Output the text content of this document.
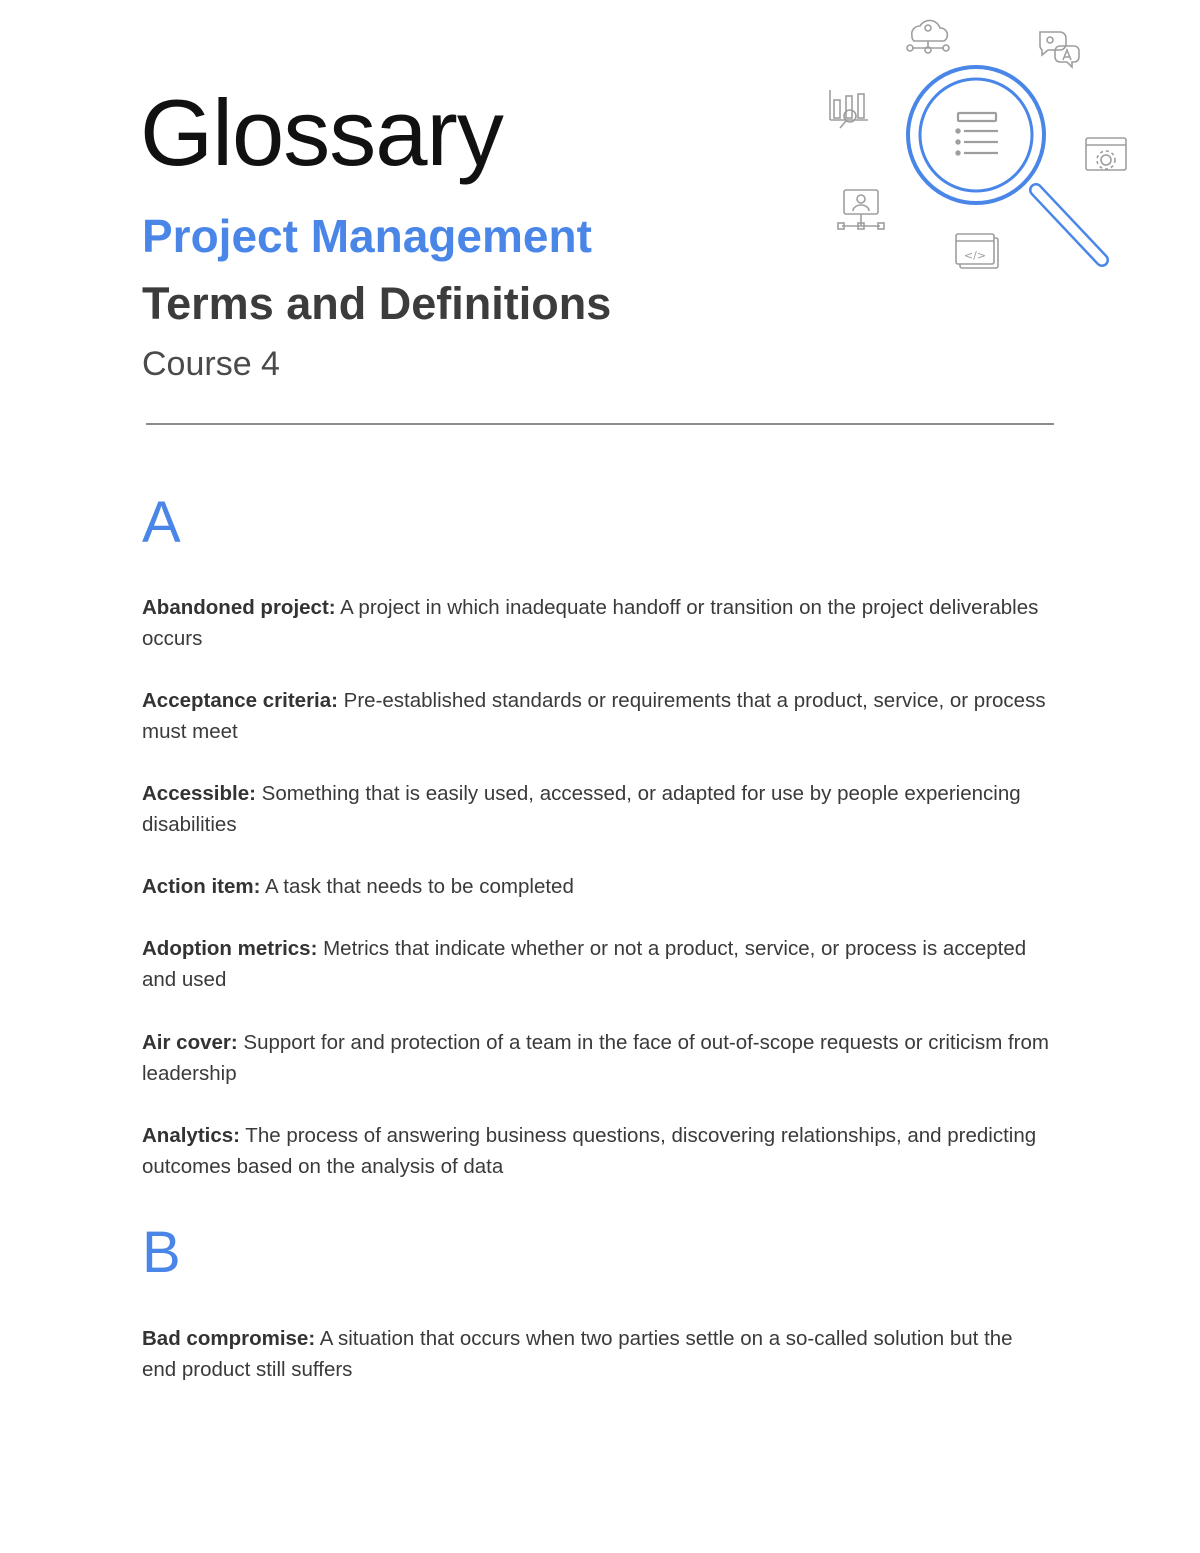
Glossary
Project Management
Terms and Definitions
Course 4
</>
A

Abandoned project: A project in which inadequate handoff or transition on the project deliverables occurs

Acceptance criteria: Pre-established standards or requirements that a product, service, or process must meet

Accessible: Something that is easily used, accessed, or adapted for use by people experiencing disabilities

Action item: A task that needs to be completed

Adoption metrics: Metrics that indicate whether or not a product, service, or process is accepted and used

Air cover: Support for and protection of a team in the face of out-of-scope requests or criticism from leadership

Analytics: The process of answering business questions, discovering relationships, and predicting outcomes based on the analysis of data

B

Bad compromise: A situation that occurs when two parties settle on a so-called solution but the end product still suffers
